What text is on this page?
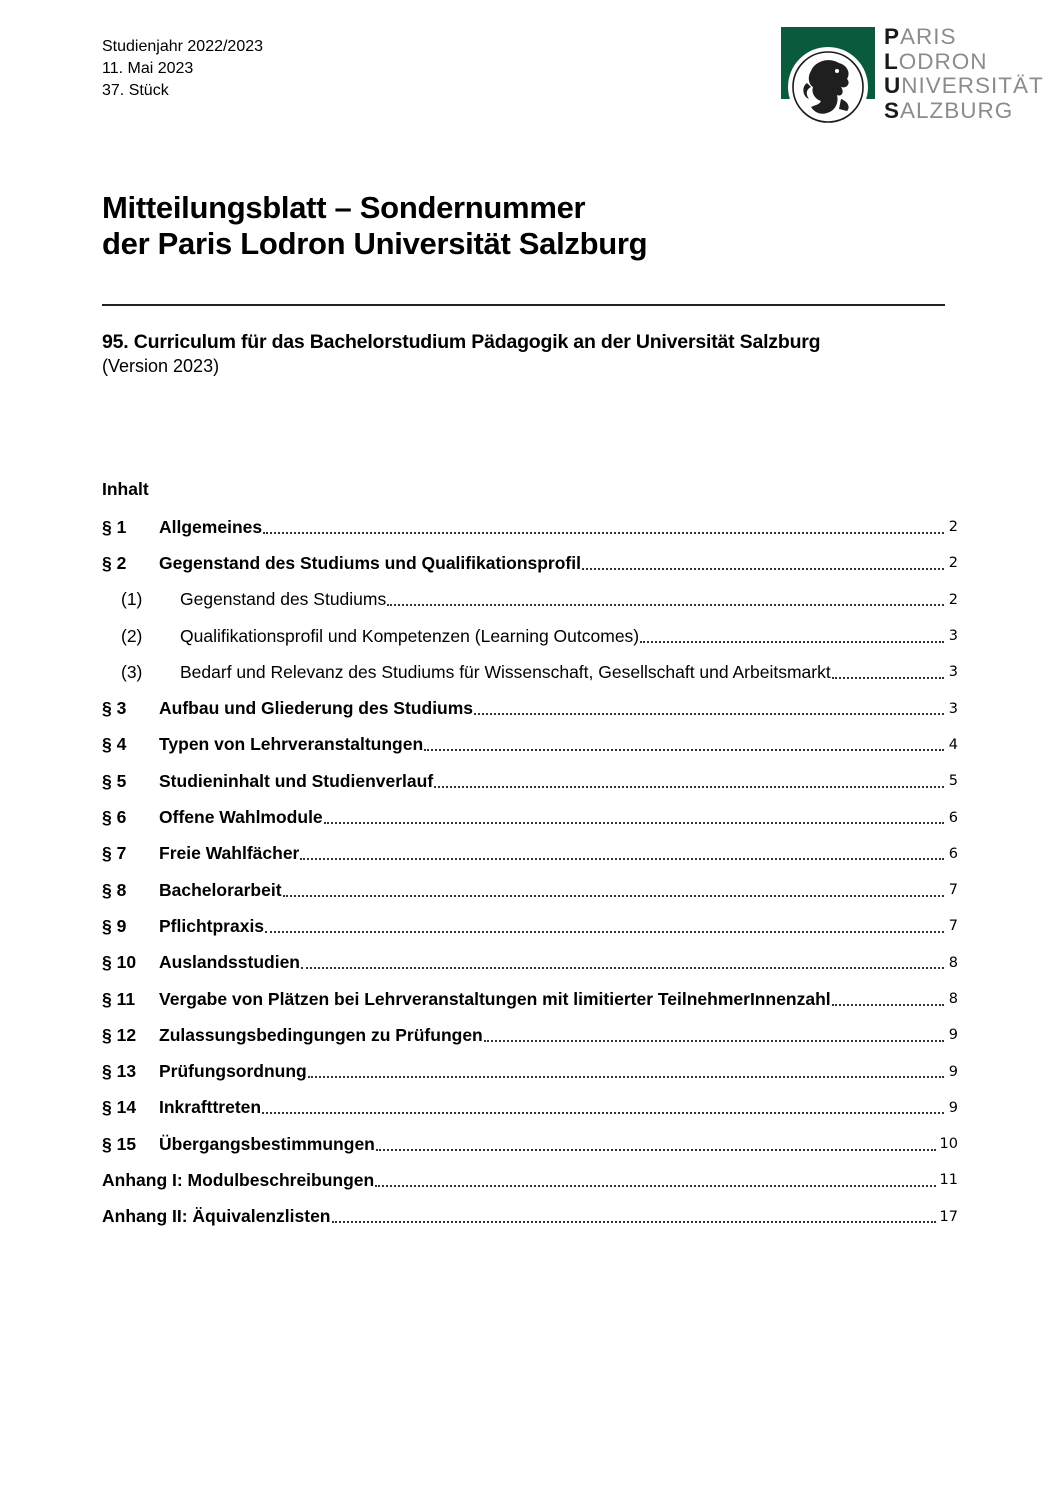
Studienjahr 2022/2023
11. Mai 2023
37. Stück
PARIS
LODRON
UNIVERSITÄT
SALZBURG
Mitteilungsblatt – Sondernummer
der Paris Lodron Universität Salzburg
95. Curriculum für das Bachelorstudium Pädagogik an der Universität Salzburg
(Version 2023)
Inhalt
§ 1	Allgemeines	2
§ 2	Gegenstand des Studiums und Qualifikationsprofil	2
(1)	Gegenstand des Studiums	2
(2)	Qualifikationsprofil und Kompetenzen (Learning Outcomes)	3
(3)	Bedarf und Relevanz des Studiums für Wissenschaft, Gesellschaft und Arbeitsmarkt	3
§ 3	Aufbau und Gliederung des Studiums	3
§ 4	Typen von Lehrveranstaltungen	4
§ 5	Studieninhalt und Studienverlauf	5
§ 6	Offene Wahlmodule	6
§ 7	Freie Wahlfächer	6
§ 8	Bachelorarbeit	7
§ 9	Pflichtpraxis	7
§ 10	Auslandsstudien	8
§ 11	Vergabe von Plätzen bei Lehrveranstaltungen mit limitierter TeilnehmerInnenzahl	8
§ 12	Zulassungsbedingungen zu Prüfungen	9
§ 13	Prüfungsordnung	9
§ 14	Inkrafttreten	9
§ 15	Übergangsbestimmungen	10
Anhang I: Modulbeschreibungen	11
Anhang II: Äquivalenzlisten	17
